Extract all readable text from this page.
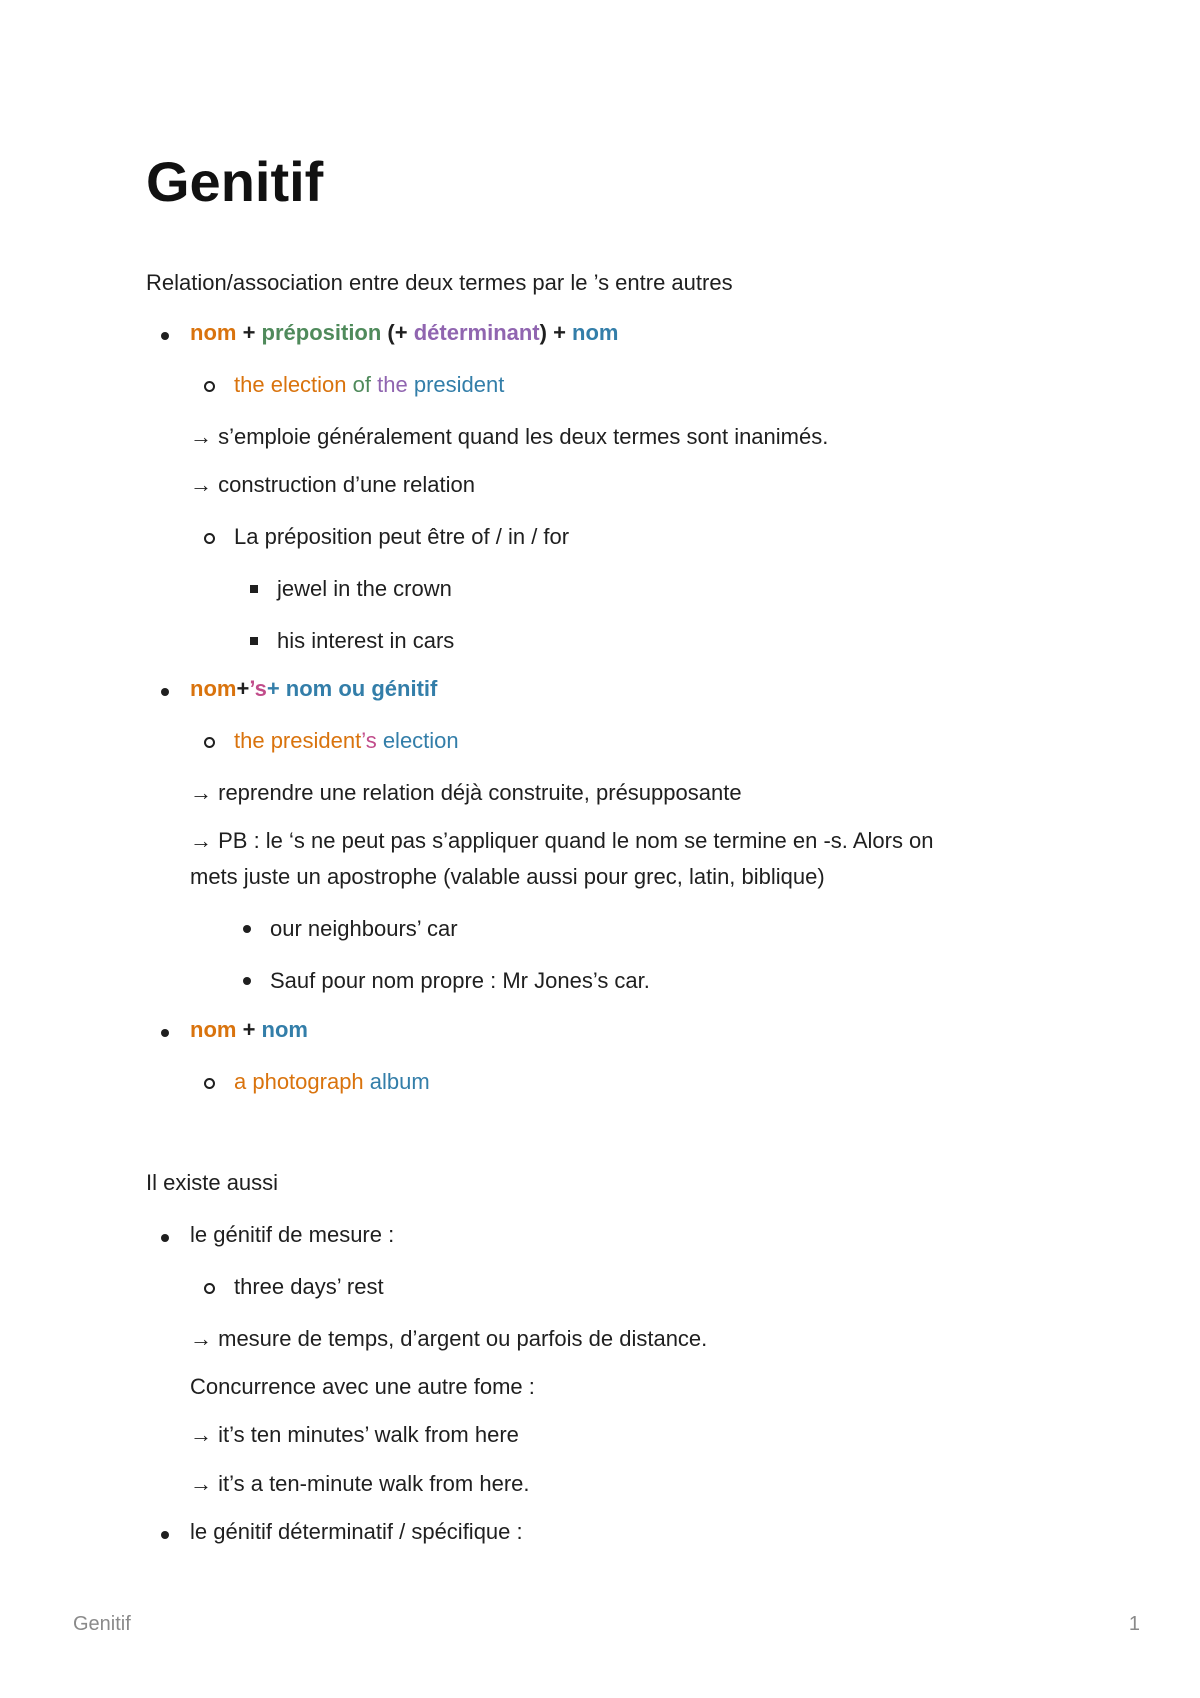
Genitif
Relation/association entre deux termes par le ’s entre autres
nom + préposition (+ déterminant) + nom
the election of the president
→ s’emploie généralement quand les deux termes sont inanimés.
→ construction d’une relation
La préposition peut être of / in / for
jewel in the crown
his interest in cars
nom+’s+ nom ou génitif
the president’s election
→ reprendre une relation déjà construite, présupposante
→ PB : le ‘s ne peut pas s’appliquer quand le nom se termine en -s. Alors on
mets juste un apostrophe (valable aussi pour grec, latin, biblique)
our neighbours’ car
Sauf pour nom propre : Mr Jones’s car.
nom + nom
a photograph album
Il existe aussi
le génitif de mesure :
three days’ rest
→ mesure de temps, d’argent ou parfois de distance.
Concurrence avec une autre fome :
→ it’s ten minutes’ walk from here
→ it’s a ten-minute walk from here.
le génitif déterminatif / spécifique :
Genitif	1
